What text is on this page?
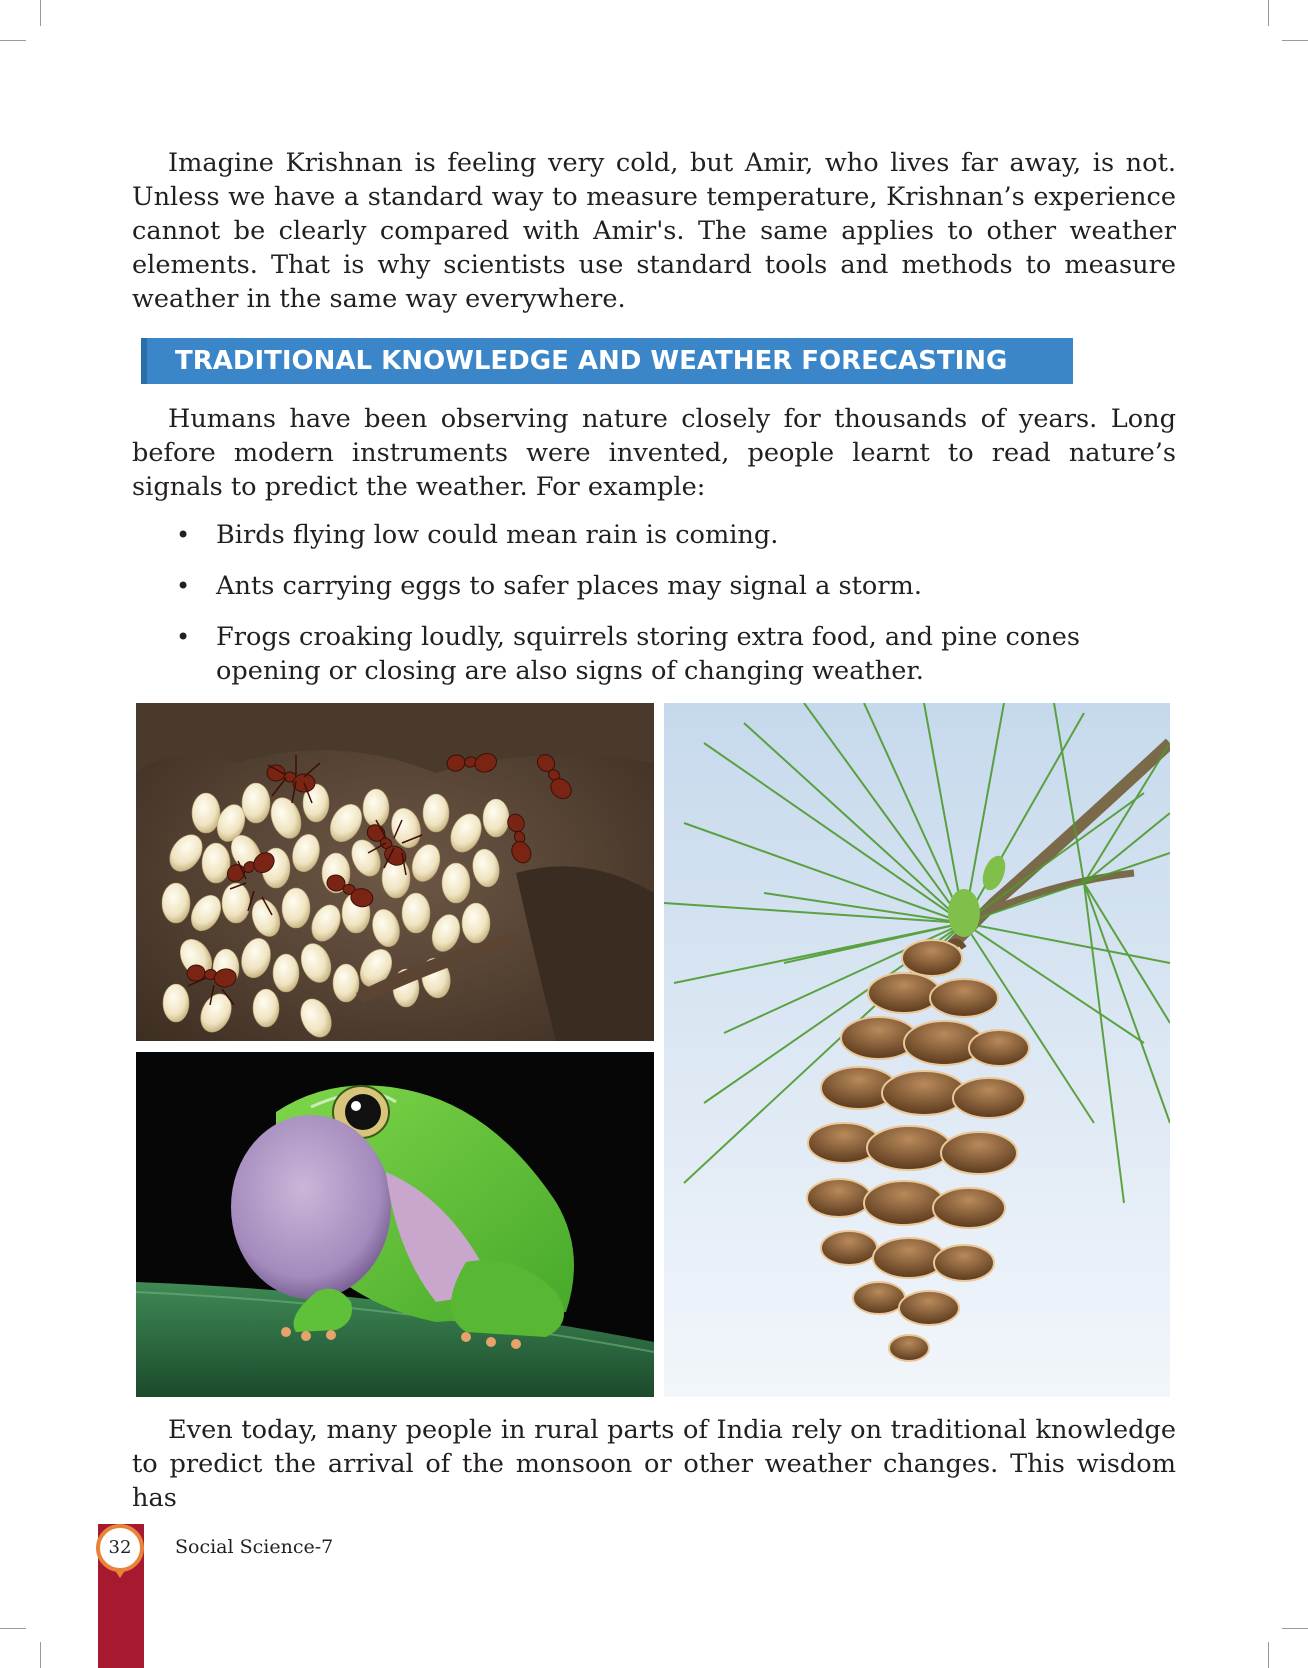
Imagine Krishnan is feeling very cold, but Amir, who lives far away, is not. Unless we have a standard way to measure temperature, Krishnan’s experience cannot be clearly compared with Amir's. The same applies to other weather elements. That is why scientists use standard tools and methods to measure weather in the same way everywhere.

TRADITIONAL KNOWLEDGE AND WEATHER FORECASTING

Humans have been observing nature closely for thousands of years. Long before modern instruments were invented, people learnt to read nature’s signals to predict the weather. For example:

• Birds flying low could mean rain is coming.
• Ants carrying eggs to safer places may signal a storm.
• Frogs croaking loudly, squirrels storing extra food, and pine cones opening or closing are also signs of changing weather.

Even today, many people in rural parts of India rely on traditional knowledge to predict the arrival of the monsoon or other weather changes. This wisdom has

32	Social Science-7
